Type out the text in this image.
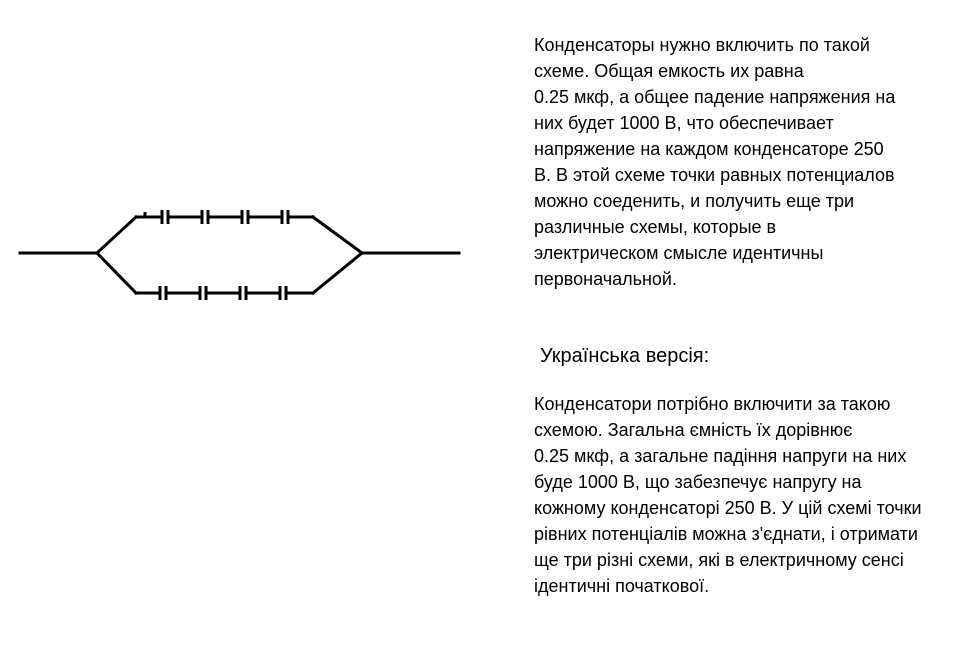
Конденсаторы нужно включить по такой
схеме. Общая емкость их равна
0.25 мкф, а общее падение напряжения на
них будет 1000 В, что обеспечивает
напряжение на каждом конденсаторе 250
В. В этой схеме точки равных потенциалов
можно соеденить, и получить еще три
различные схемы, которые в
электрическом смысле идентичны
первоначальной.
Українська версія:
Конденсатори потрібно включити за такою
схемою. Загальна ємність їх дорівнює
0.25 мкф, а загальне падіння напруги на них
буде 1000 В, що забезпечує напругу на
кожному конденсаторі 250 В. У цій схемі точки
рівних потенціалів можна з'єднати, і отримати
ще три різні схеми, які в електричному сенсі
ідентичні початкової.
